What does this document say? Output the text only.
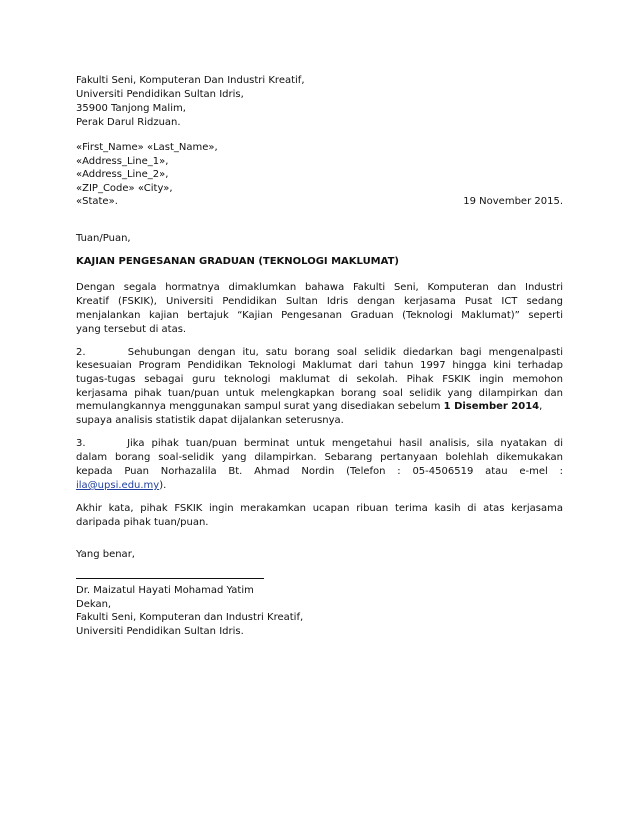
Fakulti Seni, Komputeran Dan Industri Kreatif,
Universiti Pendidikan Sultan Idris,
35900 Tanjong Malim,
Perak Darul Ridzuan.
«First_Name» «Last_Name»,
«Address_Line_1»,
«Address_Line_2»,
«ZIP_Code» «City»,
«State».	19 November 2015.
Tuan/Puan,
KAJIAN PENGESANAN GRADUAN (TEKNOLOGI MAKLUMAT)
Dengan segala hormatnya dimaklumkan bahawa Fakulti Seni, Komputeran dan Industri
Kreatif (FSKIK), Universiti Pendidikan Sultan Idris dengan kerjasama Pusat ICT sedang
menjalankan kajian bertajuk “Kajian Pengesanan Graduan (Teknologi Maklumat)” seperti
yang tersebut di atas.
2.      Sehubungan dengan itu, satu borang soal selidik diedarkan bagi mengenalpasti
kesesuaian Program Pendidikan Teknologi Maklumat dari tahun 1997 hingga kini terhadap
tugas-tugas sebagai guru teknologi maklumat di sekolah. Pihak FSKIK ingin memohon
kerjasama pihak tuan/puan untuk melengkapkan borang soal selidik yang dilampirkan dan
memulangkannya menggunakan sampul surat yang disediakan sebelum 1 Disember 2014,
supaya analisis statistik dapat dijalankan seterusnya.
3.      Jika pihak tuan/puan berminat untuk mengetahui hasil analisis, sila nyatakan di
dalam borang soal-selidik yang dilampirkan. Sebarang pertanyaan bolehlah dikemukakan
kepada Puan Norhazalila Bt. Ahmad Nordin (Telefon : 05-4506519 atau e-mel :
ila@upsi.edu.my).
Akhir kata, pihak FSKIK ingin merakamkan ucapan ribuan terima kasih di atas kerjasama
daripada pihak tuan/puan.
Yang benar,
Dr. Maizatul Hayati Mohamad Yatim
Dekan,
Fakulti Seni, Komputeran dan Industri Kreatif,
Universiti Pendidikan Sultan Idris.
